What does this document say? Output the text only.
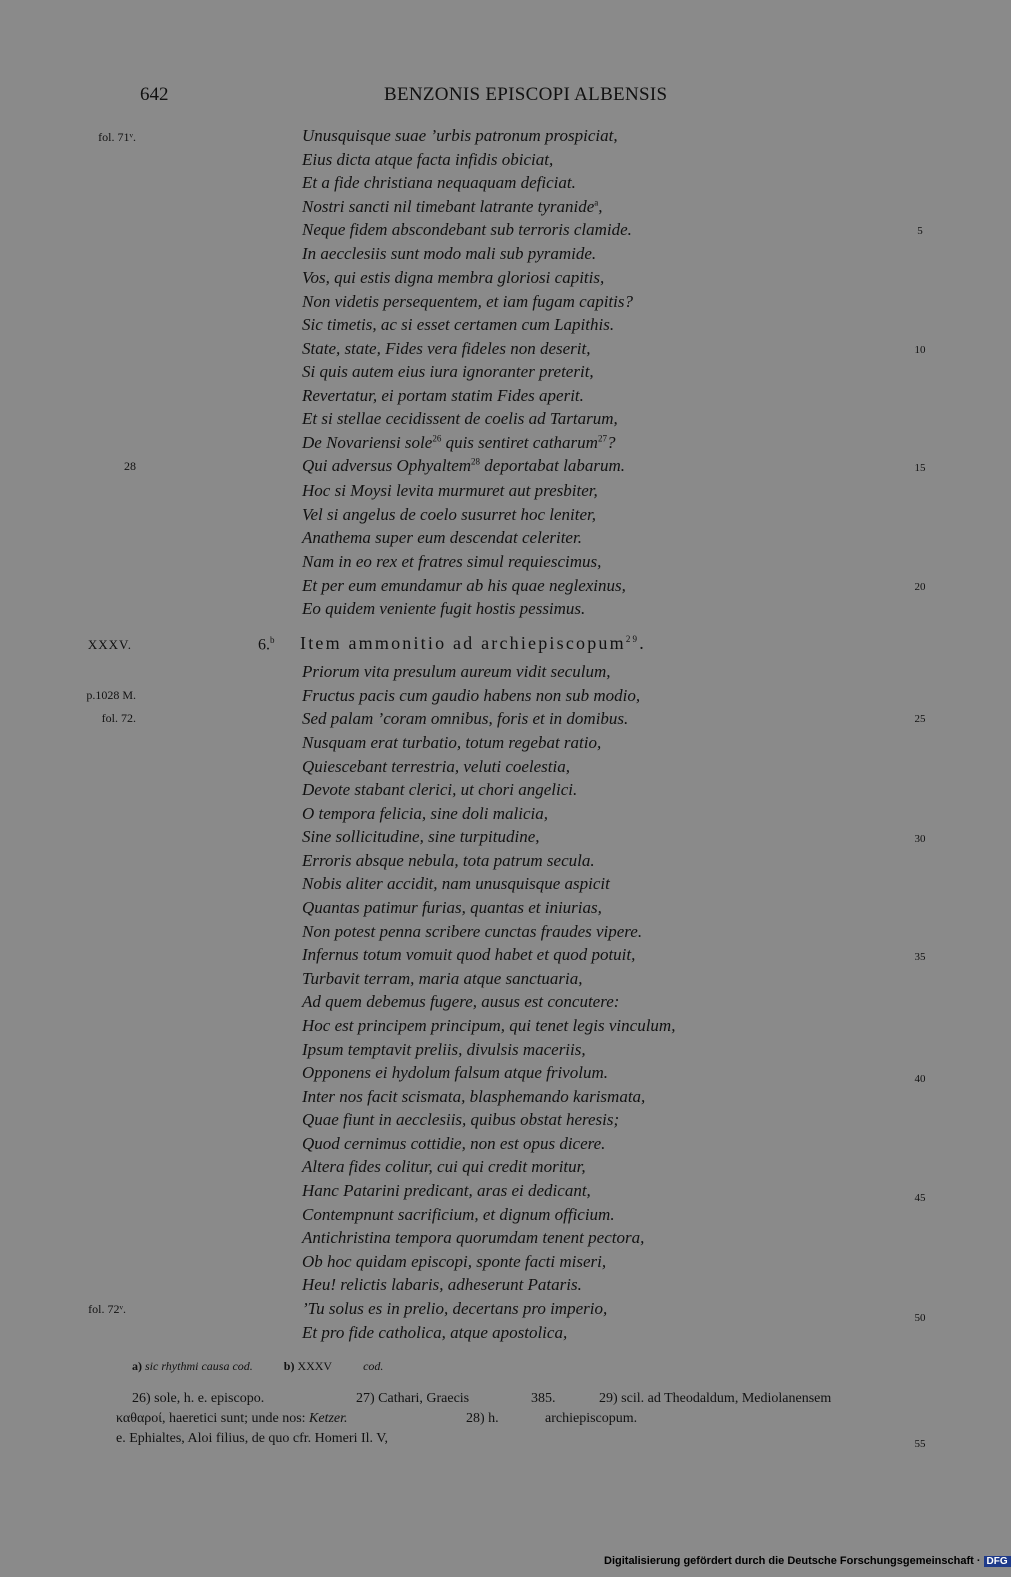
642	BENZONIS EPISCOPI ALBENSIS
fol. 71ᵛ.
28
p.1028 M.
fol. 72.
fol. 72ᵛ.
Unusquisque suae ’urbis patronum prospiciat,
Eius dicta atque facta infidis obiciat,
Et a fide christiana nequaquam deficiat.
Nostri sancti nil timebant latrante tyranide$^a$,
Neque fidem abscondebant sub terroris clamide.
In aecclesiis sunt modo mali sub pyramide.
Vos, qui estis digna membra gloriosi capitis,
Non videtis persequentem, et iam fugam capitis?
Sic timetis, ac si esset certamen cum Lapithis.
State, state, Fides vera fideles non deserit,
Si quis autem eius iura ignoranter preterit,
Revertatur, ei portam statim Fides aperit.
Et si stellae cecidissent de coelis ad Tartarum,
De Novariensi sole$^{26}$ quis sentiret catharum$^{27}$?
Qui adversus Ophyaltem$^{28}$ deportabat labarum.
Hoc si Moysi levita murmuret aut presbiter,
Vel si angelus de coelo susurret hoc leniter,
Anathema super eum descendat celeriter.
Nam in eo rex et fratres simul requiescimus,
Et per eum emundamur ab his quae neglexinus,
Eo quidem veniente fugit hostis pessimus.
XXXV.	6.$^b$ Item ammonitio ad archiepiscopum$^{29}$.
Priorum vita presulum aureum vidit seculum,
Fructus pacis cum gaudio habens non sub modio,
Sed palam ’coram omnibus, foris et in domibus.
Nusquam erat turbatio, totum regebat ratio,
Quiescebant terrestria, veluti coelestia,
Devote stabant clerici, ut chori angelici.
O tempora felicia, sine doli malicia,
Sine sollicitudine, sine turpitudine,
Erroris absque nebula, tota patrum secula.
Nobis aliter accidit, nam unusquisque aspicit
Quantas patimur furias, quantas et iniurias,
Non potest penna scribere cunctas fraudes vipere.
Infernus totum vomuit quod habet et quod potuit,
Turbavit terram, maria atque sanctuaria,
Ad quem debemus fugere, ausus est concutere:
Hoc est principem principum, qui tenet legis vinculum,
Ipsum temptavit preliis, divulsis maceriis,
Opponens ei hydolum falsum atque frivolum.
Inter nos facit scismata, blasphemando karismata,
Quae fiunt in aecclesiis, quibus obstat heresis;
Quod cernimus cottidie, non est opus dicere.
Altera fides colitur, cui qui credit moritur,
Hanc Patarini predicant, aras ei dedicant,
Contempnunt sacrificium, et dignum officium.
Antichristina tempora quorumdam tenent pectora,
Ob hoc quidam episcopi, sponte facti miseri,
Heu! relictis labaris, adheserunt Pataris.
’Tu solus es in prelio, decertans pro imperio,
Et pro fide catholica, atque apostolica,
5
10
15
20
25
30
35
40
45
50
55
a) sic rhythmi causa cod.	b) XXXV cod.
26) sole, h. e. episcopo.	27) Cathari, Graecis	385.	29) scil. ad Theodaldum, Mediolanensem
καθαροί, haeretici sunt; unde nos: Ketzer.	28) h.	archiepiscopum.
e. Ephialtes, Aloi filius, de quo cfr. Homeri Il. V,
Digitalisierung gefördert durch die Deutsche Forschungsgemeinschaft · DFG
